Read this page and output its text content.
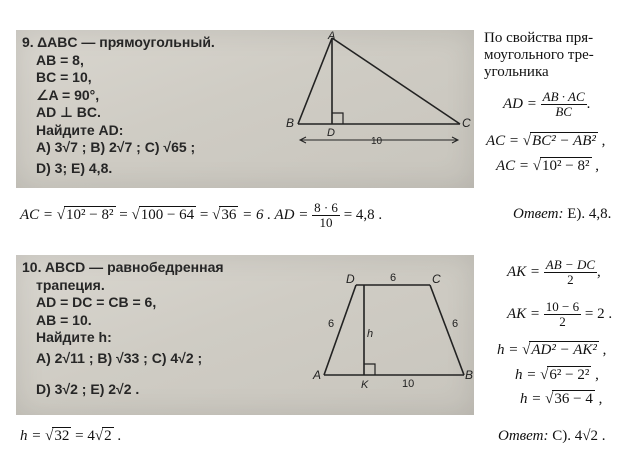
9. ΔABC — прямоугольный.
AB = 8,
BC = 10,
∠A = 90°,
AD ⊥ BC.
Найдите AD:
A) 3√7 ; B) 2√7 ; C) √65 ;
D) 3; E) 4,8.
A
B	C
D
10
По свойства пря-
моугольного тре-
угольника
AD = $\frac{AB \cdot AC}{BC}$ .
AC = √BC² − AB² ,
AC = √10² − 8² ,
AC = √10² − 8² = √100 − 64 = √36 = 6 . AD = $\frac{8 \cdot 6}{10} = 4,8$ .	Ответ: E). 4,8.
10. ABCD — равнобедренная
трапеция.
AD = DC = CB = 6,
AB = 10.
Найдите h:
A) 2√11 ; B) √33 ; C) 4√2 ;
D) 3√2 ; E) 2√2 .
D	C
A	B
K
h
6
6	6
10
AK = $\frac{AB - DC}{2}$ ,
AK = $\frac{10 - 6}{2} = 2$ .
h = √AD² − AK² ,
h = √6² − 2² ,
h = √36 − 4 ,
h = √32 = 4√2 .	Ответ: C). 4√2 .
